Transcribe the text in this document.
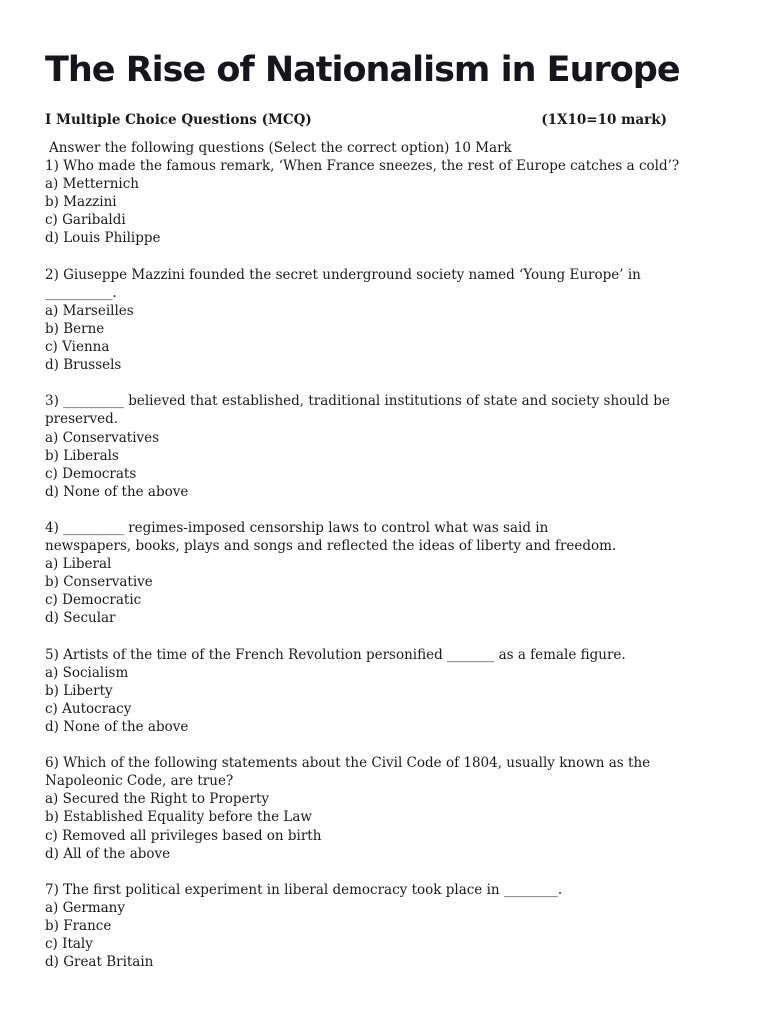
The Rise of Nationalism in Europe
I Multiple Choice Questions (MCQ)	(1X10=10 mark)
Answer the following questions (Select the correct option) 10 Mark
1) Who made the famous remark, ‘When France sneezes, the rest of Europe catches a cold’?
a) Metternich
b) Mazzini
c) Garibaldi
d) Louis Philippe
2) Giuseppe Mazzini founded the secret underground society named ‘Young Europe’ in
__________.
a) Marseilles
b) Berne
c) Vienna
d) Brussels
3) _________ believed that established, traditional institutions of state and society should be
preserved.
a) Conservatives
b) Liberals
c) Democrats
d) None of the above
4) _________ regimes-imposed censorship laws to control what was said in
newspapers, books, plays and songs and reflected the ideas of liberty and freedom.
a) Liberal
b) Conservative
c) Democratic
d) Secular
5) Artists of the time of the French Revolution personified _______ as a female figure.
a) Socialism
b) Liberty
c) Autocracy
d) None of the above
6) Which of the following statements about the Civil Code of 1804, usually known as the
Napoleonic Code, are true?
a) Secured the Right to Property
b) Established Equality before the Law
c) Removed all privileges based on birth
d) All of the above
7) The first political experiment in liberal democracy took place in ________.
a) Germany
b) France
c) Italy
d) Great Britain
